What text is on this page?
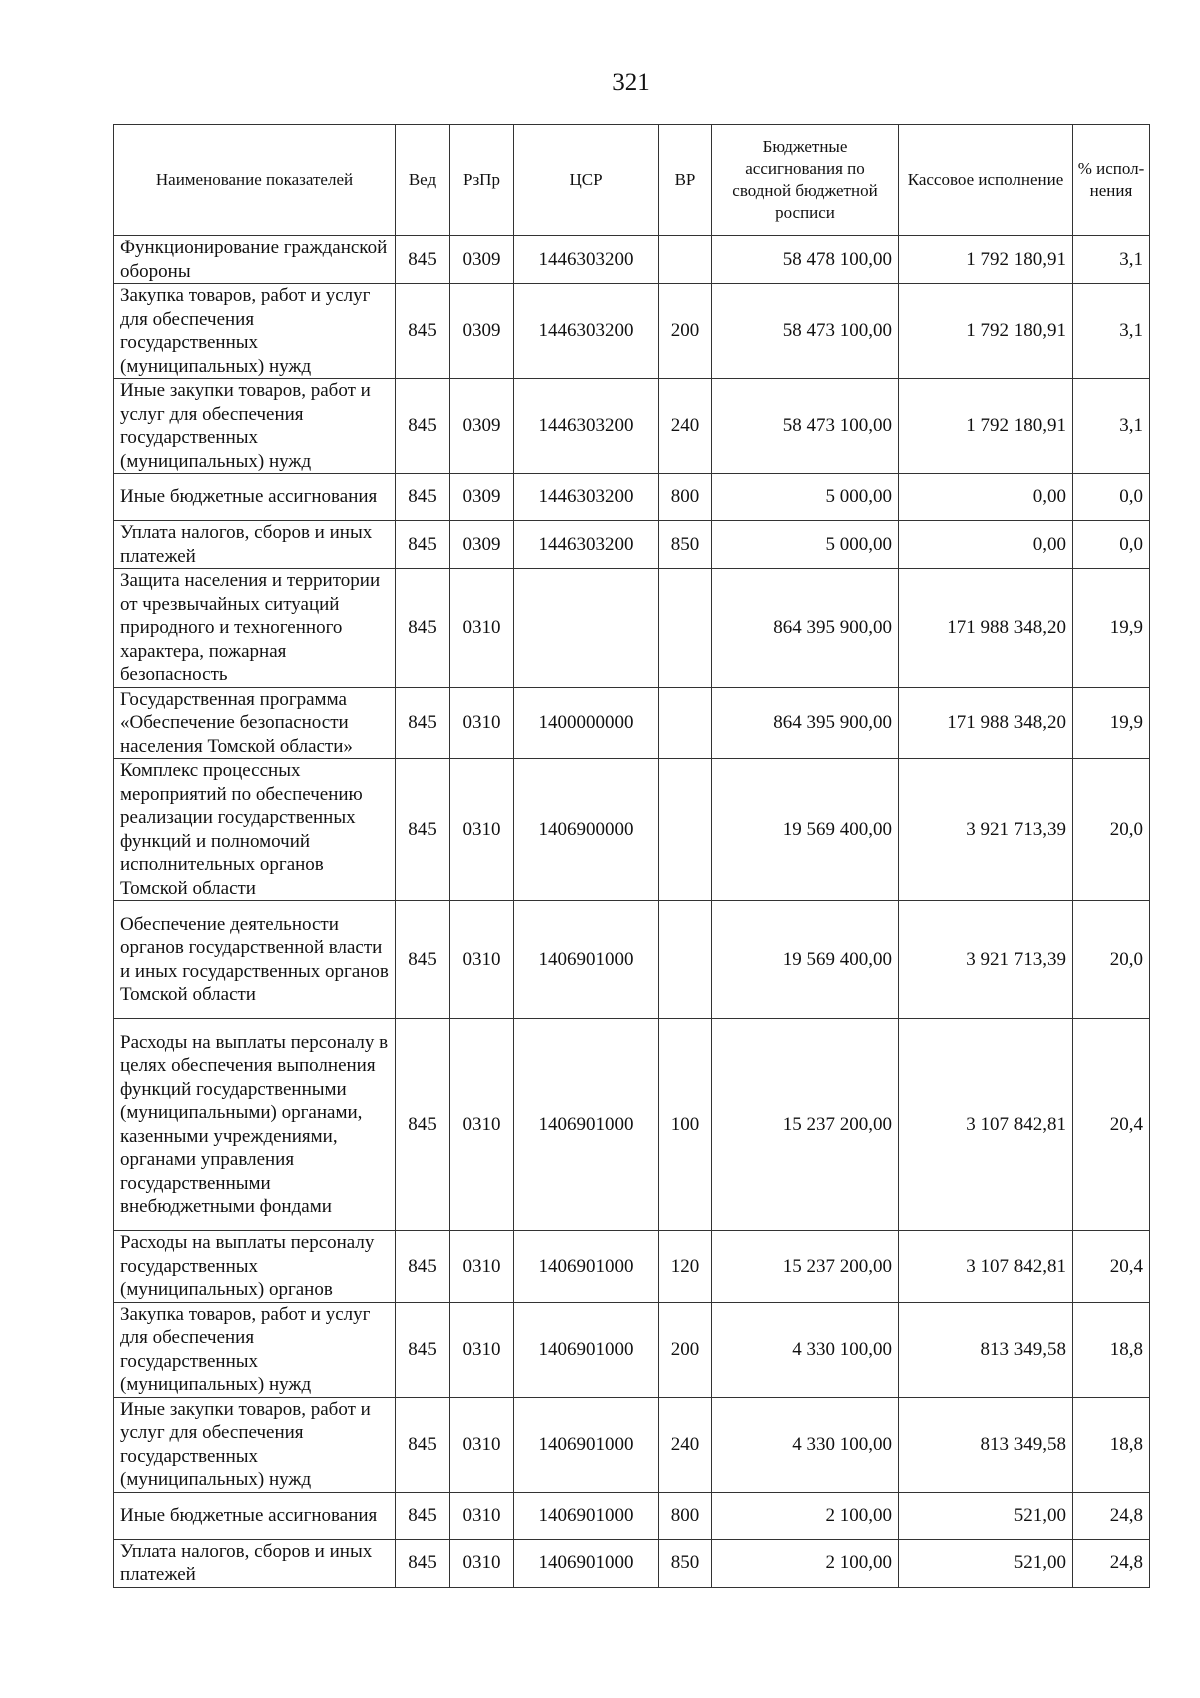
321
Наименование показателей	Вед	РзПр	ЦСР	ВР	Бюджетные ассигнования по сводной бюджетной росписи	Кассовое исполнение	% испол-нения
Функционирование гражданской обороны	845	0309	1446303200		58 478 100,00	1 792 180,91	3,1
Закупка товаров, работ и услуг для обеспечения государственных (муниципальных) нужд	845	0309	1446303200	200	58 473 100,00	1 792 180,91	3,1
Иные закупки товаров, работ и услуг для обеспечения государственных (муниципальных) нужд	845	0309	1446303200	240	58 473 100,00	1 792 180,91	3,1
Иные бюджетные ассигнования	845	0309	1446303200	800	5 000,00	0,00	0,0
Уплата налогов, сборов и иных платежей	845	0309	1446303200	850	5 000,00	0,00	0,0
Защита населения и территории от чрезвычайных ситуаций природного и техногенного характера, пожарная безопасность	845	0310			864 395 900,00	171 988 348,20	19,9
Государственная программа «Обеспечение безопасности населения Томской области»	845	0310	1400000000		864 395 900,00	171 988 348,20	19,9
Комплекс процессных мероприятий по обеспечению реализации государственных функций и полномочий исполнительных органов Томской области	845	0310	1406900000		19 569 400,00	3 921 713,39	20,0
Обеспечение деятельности органов государственной власти и иных государственных органов Томской области	845	0310	1406901000		19 569 400,00	3 921 713,39	20,0
Расходы на выплаты персоналу в целях обеспечения выполнения функций государственными (муниципальными) органами, казенными учреждениями, органами управления государственными внебюджетными фондами	845	0310	1406901000	100	15 237 200,00	3 107 842,81	20,4
Расходы на выплаты персоналу государственных (муниципальных) органов	845	0310	1406901000	120	15 237 200,00	3 107 842,81	20,4
Закупка товаров, работ и услуг для обеспечения государственных (муниципальных) нужд	845	0310	1406901000	200	4 330 100,00	813 349,58	18,8
Иные закупки товаров, работ и услуг для обеспечения государственных (муниципальных) нужд	845	0310	1406901000	240	4 330 100,00	813 349,58	18,8
Иные бюджетные ассигнования	845	0310	1406901000	800	2 100,00	521,00	24,8
Уплата налогов, сборов и иных платежей	845	0310	1406901000	850	2 100,00	521,00	24,8
